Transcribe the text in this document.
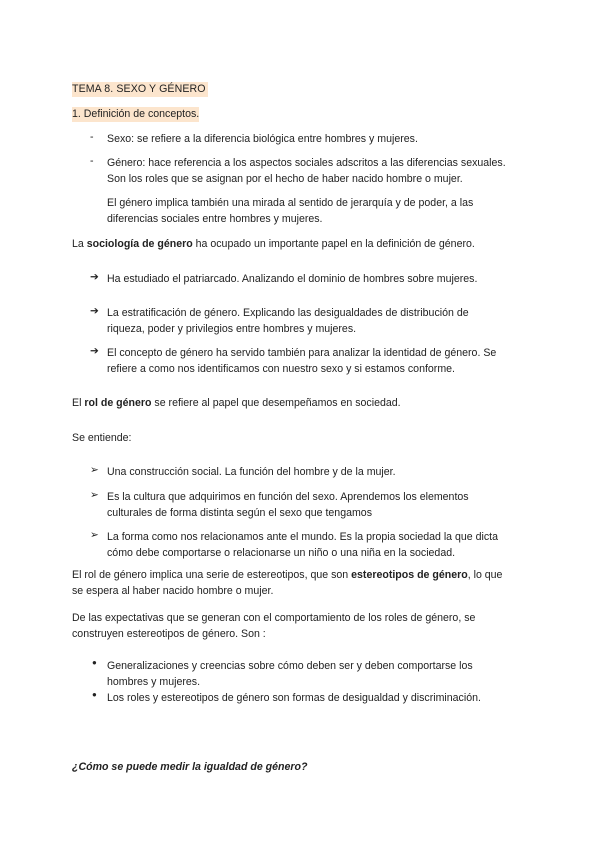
TEMA 8. SEXO Y GÉNERO
1. Definición de conceptos.
-	Sexo: se refiere a la diferencia biológica entre hombres y mujeres.
-	Género: hace referencia a los aspectos sociales adscritos a las diferencias sexuales.
Son los roles que se asignan por el hecho de haber nacido hombre o mujer.
El género implica también una mirada al sentido de jerarquía y de poder, a las
diferencias sociales entre hombres y mujeres.
La sociología de género ha ocupado un importante papel en la definición de género.
➔ Ha estudiado el patriarcado. Analizando el dominio de hombres sobre mujeres.
➔ La estratificación de género. Explicando las desigualdades de distribución de
riqueza, poder y privilegios entre hombres y mujeres.
➔ El concepto de género ha servido también para analizar la identidad de género. Se
refiere a como nos identificamos con nuestro sexo y si estamos conforme.
El rol de género se refiere al papel que desempeñamos en sociedad.
Se entiende:
➢ Una construcción social. La función del hombre y de la mujer.
➢ Es la cultura que adquirimos en función del sexo. Aprendemos los elementos
culturales de forma distinta según el sexo que tengamos
➢ La forma como nos relacionamos ante el mundo. Es la propia sociedad la que dicta
cómo debe comportarse o relacionarse un niño o una niña en la sociedad.
El rol de género implica una serie de estereotipos, que son estereotipos de género, lo que
se espera al haber nacido hombre o mujer.
De las expectativas que se generan con el comportamiento de los roles de género, se
construyen estereotipos de género. Son :
● Generalizaciones y creencias sobre cómo deben ser y deben comportarse los
hombres y mujeres.
● Los roles y estereotipos de género son formas de desigualdad y discriminación.
¿Cómo se puede medir la igualdad de género?
